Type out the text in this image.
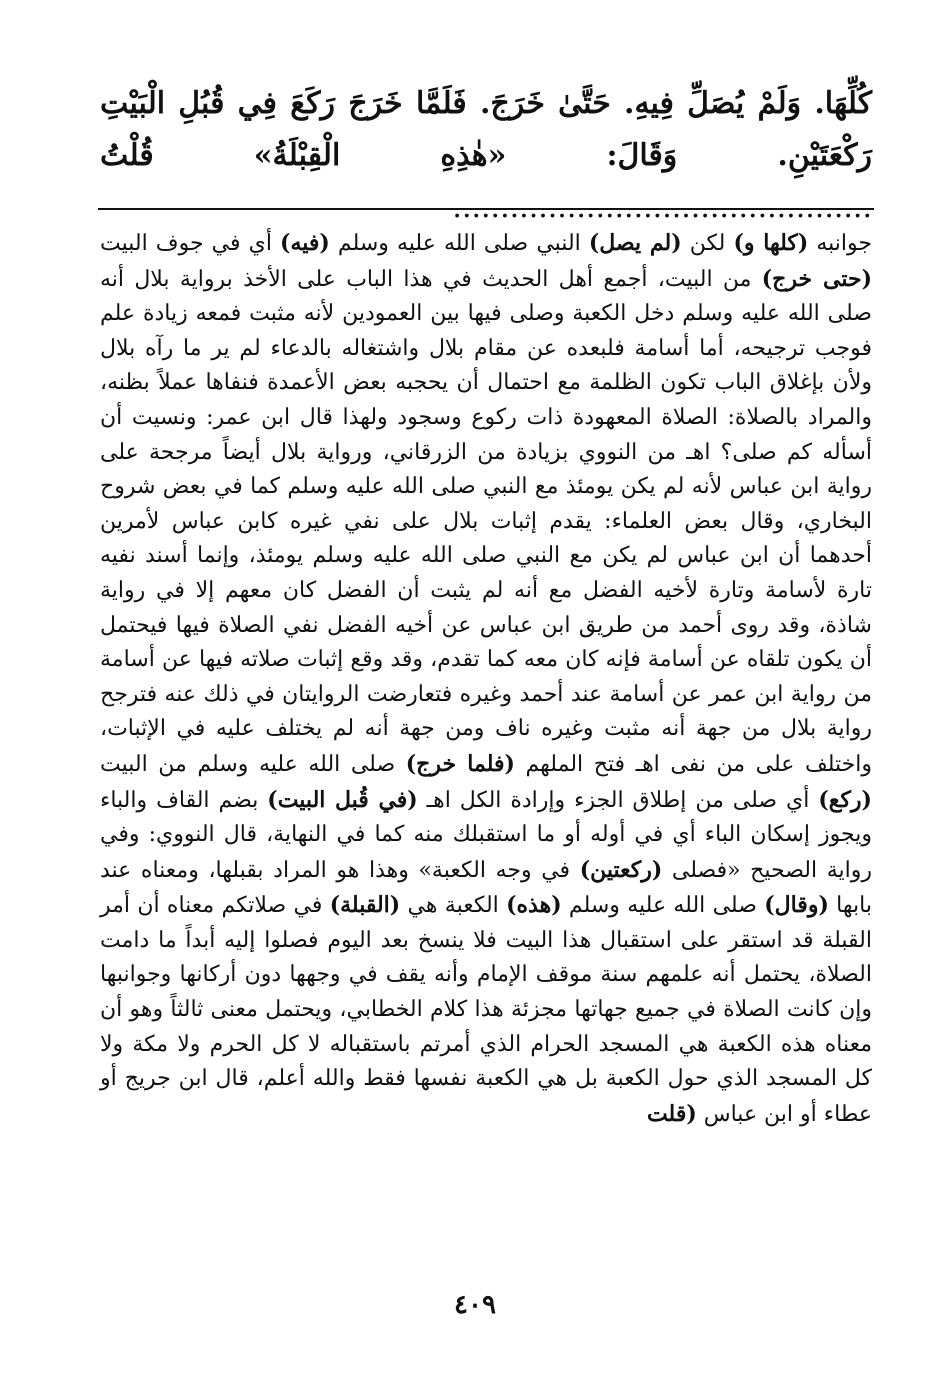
كُلِّهَا. وَلَمْ يُصَلِّ فِيهِ. حَتَّىٰ خَرَجَ. فَلَمَّا خَرَجَ رَكَعَ فِي قُبُلِ الْبَيْتِ رَكْعَتَيْنِ. وَقَالَ: «هٰذِهِ الْقِبْلَةُ» قُلْتُ ............................................

جوانبه (كلها و) لكن (لم يصل) النبي صلى الله عليه وسلم (فيه) أي في جوف البيت (حتى خرج) من البيت، أجمع أهل الحديث في هذا الباب على الأخذ برواية بلال أنه صلى الله عليه وسلم دخل الكعبة وصلى فيها بين العمودين لأنه مثبت فمعه زيادة علم فوجب ترجيحه، أما أسامة فلبعده عن مقام بلال واشتغاله بالدعاء لم ير ما رآه بلال ولأن بإغلاق الباب تكون الظلمة مع احتمال أن يحجبه بعض الأعمدة فنفاها عملاً بظنه، والمراد بالصلاة: الصلاة المعهودة ذات ركوع وسجود ولهذا قال ابن عمر: ونسيت أن أسأله كم صلى؟ اهـ من النووي بزيادة من الزرقاني، ورواية بلال أيضاً مرجحة على رواية ابن عباس لأنه لم يكن يومئذ مع النبي صلى الله عليه وسلم كما في بعض شروح البخاري، وقال بعض العلماء: يقدم إثبات بلال على نفي غيره كابن عباس لأمرين أحدهما أن ابن عباس لم يكن مع النبي صلى الله عليه وسلم يومئذ، وإنما أسند نفيه تارة لأسامة وتارة لأخيه الفضل مع أنه لم يثبت أن الفضل كان معهم إلا في رواية شاذة، وقد روى أحمد من طريق ابن عباس عن أخيه الفضل نفي الصلاة فيها فيحتمل أن يكون تلقاه عن أسامة فإنه كان معه كما تقدم، وقد وقع إثبات صلاته فيها عن أسامة من رواية ابن عمر عن أسامة عند أحمد وغيره فتعارضت الروايتان في ذلك عنه فترجح رواية بلال من جهة أنه مثبت وغيره ناف ومن جهة أنه لم يختلف عليه في الإثبات، واختلف على من نفى اهـ فتح الملهم (فلما خرج) صلى الله عليه وسلم من البيت (ركع) أي صلى من إطلاق الجزء وإرادة الكل اهـ (في قُبل البيت) بضم القاف والباء ويجوز إسكان الباء أي في أوله أو ما استقبلك منه كما في النهاية، قال النووي: وفي رواية الصحيح «فصلى (ركعتين) في وجه الكعبة» وهذا هو المراد بقبلها، ومعناه عند بابها (وقال) صلى الله عليه وسلم (هذه) الكعبة هي (القبلة) في صلاتكم معناه أن أمر القبلة قد استقر على استقبال هذا البيت فلا ينسخ بعد اليوم فصلوا إليه أبداً ما دامت الصلاة، يحتمل أنه علمهم سنة موقف الإمام وأنه يقف في وجهها دون أركانها وجوانبها وإن كانت الصلاة في جميع جهاتها مجزئة هذا كلام الخطابي، ويحتمل معنى ثالثاً وهو أن معناه هذه الكعبة هي المسجد الحرام الذي أمرتم باستقباله لا كل الحرم ولا مكة ولا كل المسجد الذي حول الكعبة بل هي الكعبة نفسها فقط والله أعلم، قال ابن جريج أو عطاء أو ابن عباس (قلت

٤٠٩
